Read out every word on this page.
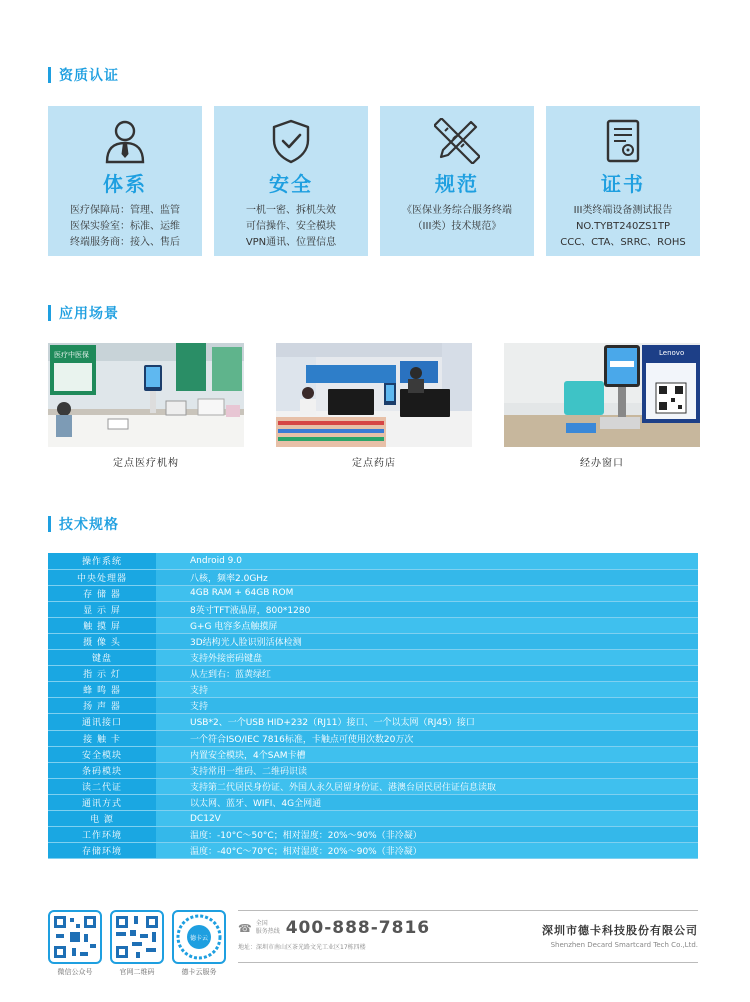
资质认证
体系
医疗保障局：管理、监管
医保实验室：标准、运维
终端服务商：接入、售后
安全
一机一密、拆机失效
可信操作、安全模块
VPN通讯、位置信息
规范
《医保业务综合服务终端
（III类）技术规范》
证书
III类终端设备测试报告
NO.TYBT240ZS1TP
CCC、CTA、SRRC、ROHS
应用场景
医疗中医保
定点医疗机构	定点药店
Lenovo
经办窗口
技术规格
操作系统	Android 9.0
中央处理器	八核，频率2.0GHz
存 储 器	4GB RAM + 64GB ROM
显 示 屏	8英寸TFT液晶屏，800*1280
触 摸 屏	G+G 电容多点触摸屏
摄 像 头	3D结构光人脸识别活体检测
键盘	支持外接密码键盘
指 示 灯	从左到右：蓝黄绿红
蜂 鸣 器	支持
扬 声 器	支持
通讯接口	USB*2、一个USB HID+232（RJ11）接口、一个以太网（RJ45）接口
接 触 卡	一个符合ISO/IEC 7816标准，卡触点可使用次数20万次
安全模块	内置安全模块，4个SAM卡槽
条码模块	支持常用一维码、二维码识读
读二代证	支持第二代居民身份证、外国人永久居留身份证、港澳台居民居住证信息读取
通讯方式	以太网、蓝牙、WIFI、4G全网通
电 源	DC12V
工作环境	温度：-10°C～50°C；相对湿度：20%～90%（非冷凝）
存储环境	温度：-40°C～70°C；相对湿度：20%～90%（非冷凝）
微信公众号	官网二维码
德卡云
德卡云服务
☎ 全国
服务热线 400-888-7816
地址：深圳市南山区茶光路文光工业区17栋四楼
深圳市德卡科技股份有限公司
Shenzhen Decard Smartcard Tech Co.,Ltd.
